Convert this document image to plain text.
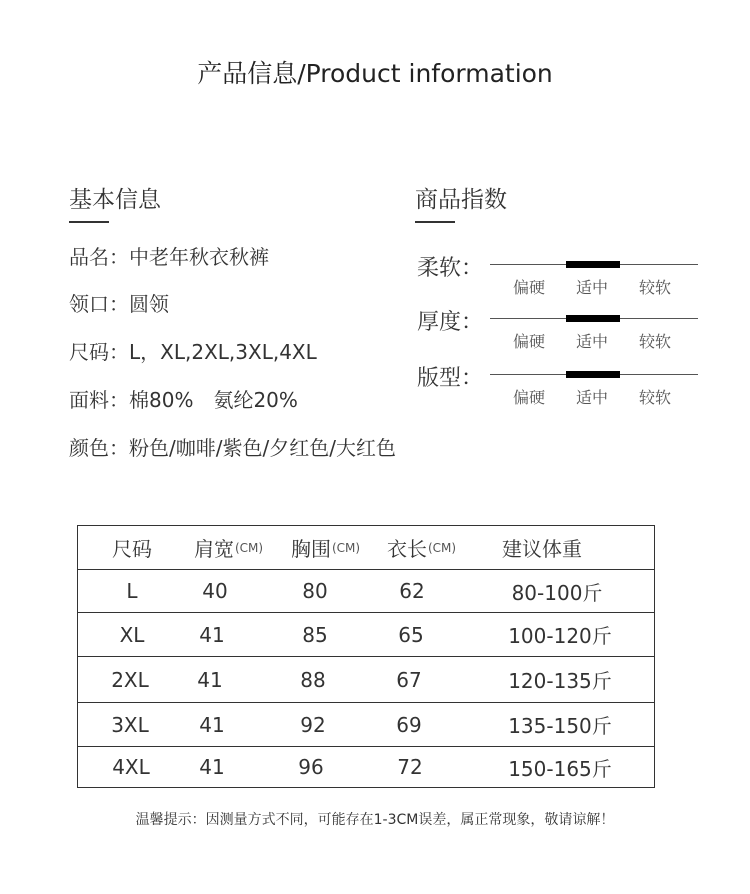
产品信息/Product information
基本信息
品名：中老年秋衣秋裤
领口：圆领
尺码：L，XL,2XL,3XL,4XL
面料：棉80%　氨纶20%
颜色：粉色/咖啡/紫色/夕红色/大红色
商品指数
柔软：
偏硬 适中 较软
厚度：
偏硬 适中 较软
版型：
偏硬 适中 较软
尺码 肩宽 (CM) 胸围 (CM) 衣长 (CM) 建议体重
L	40	80	62	80-100斤
XL	41	85	65	100-120斤
2XL	41	88	67	120-135斤
3XL	41	92	69	135-150斤
4XL	41	96	72	150-165斤
温馨提示：因测量方式不同，可能存在1-3CM误差，属正常现象，敬请谅解！
